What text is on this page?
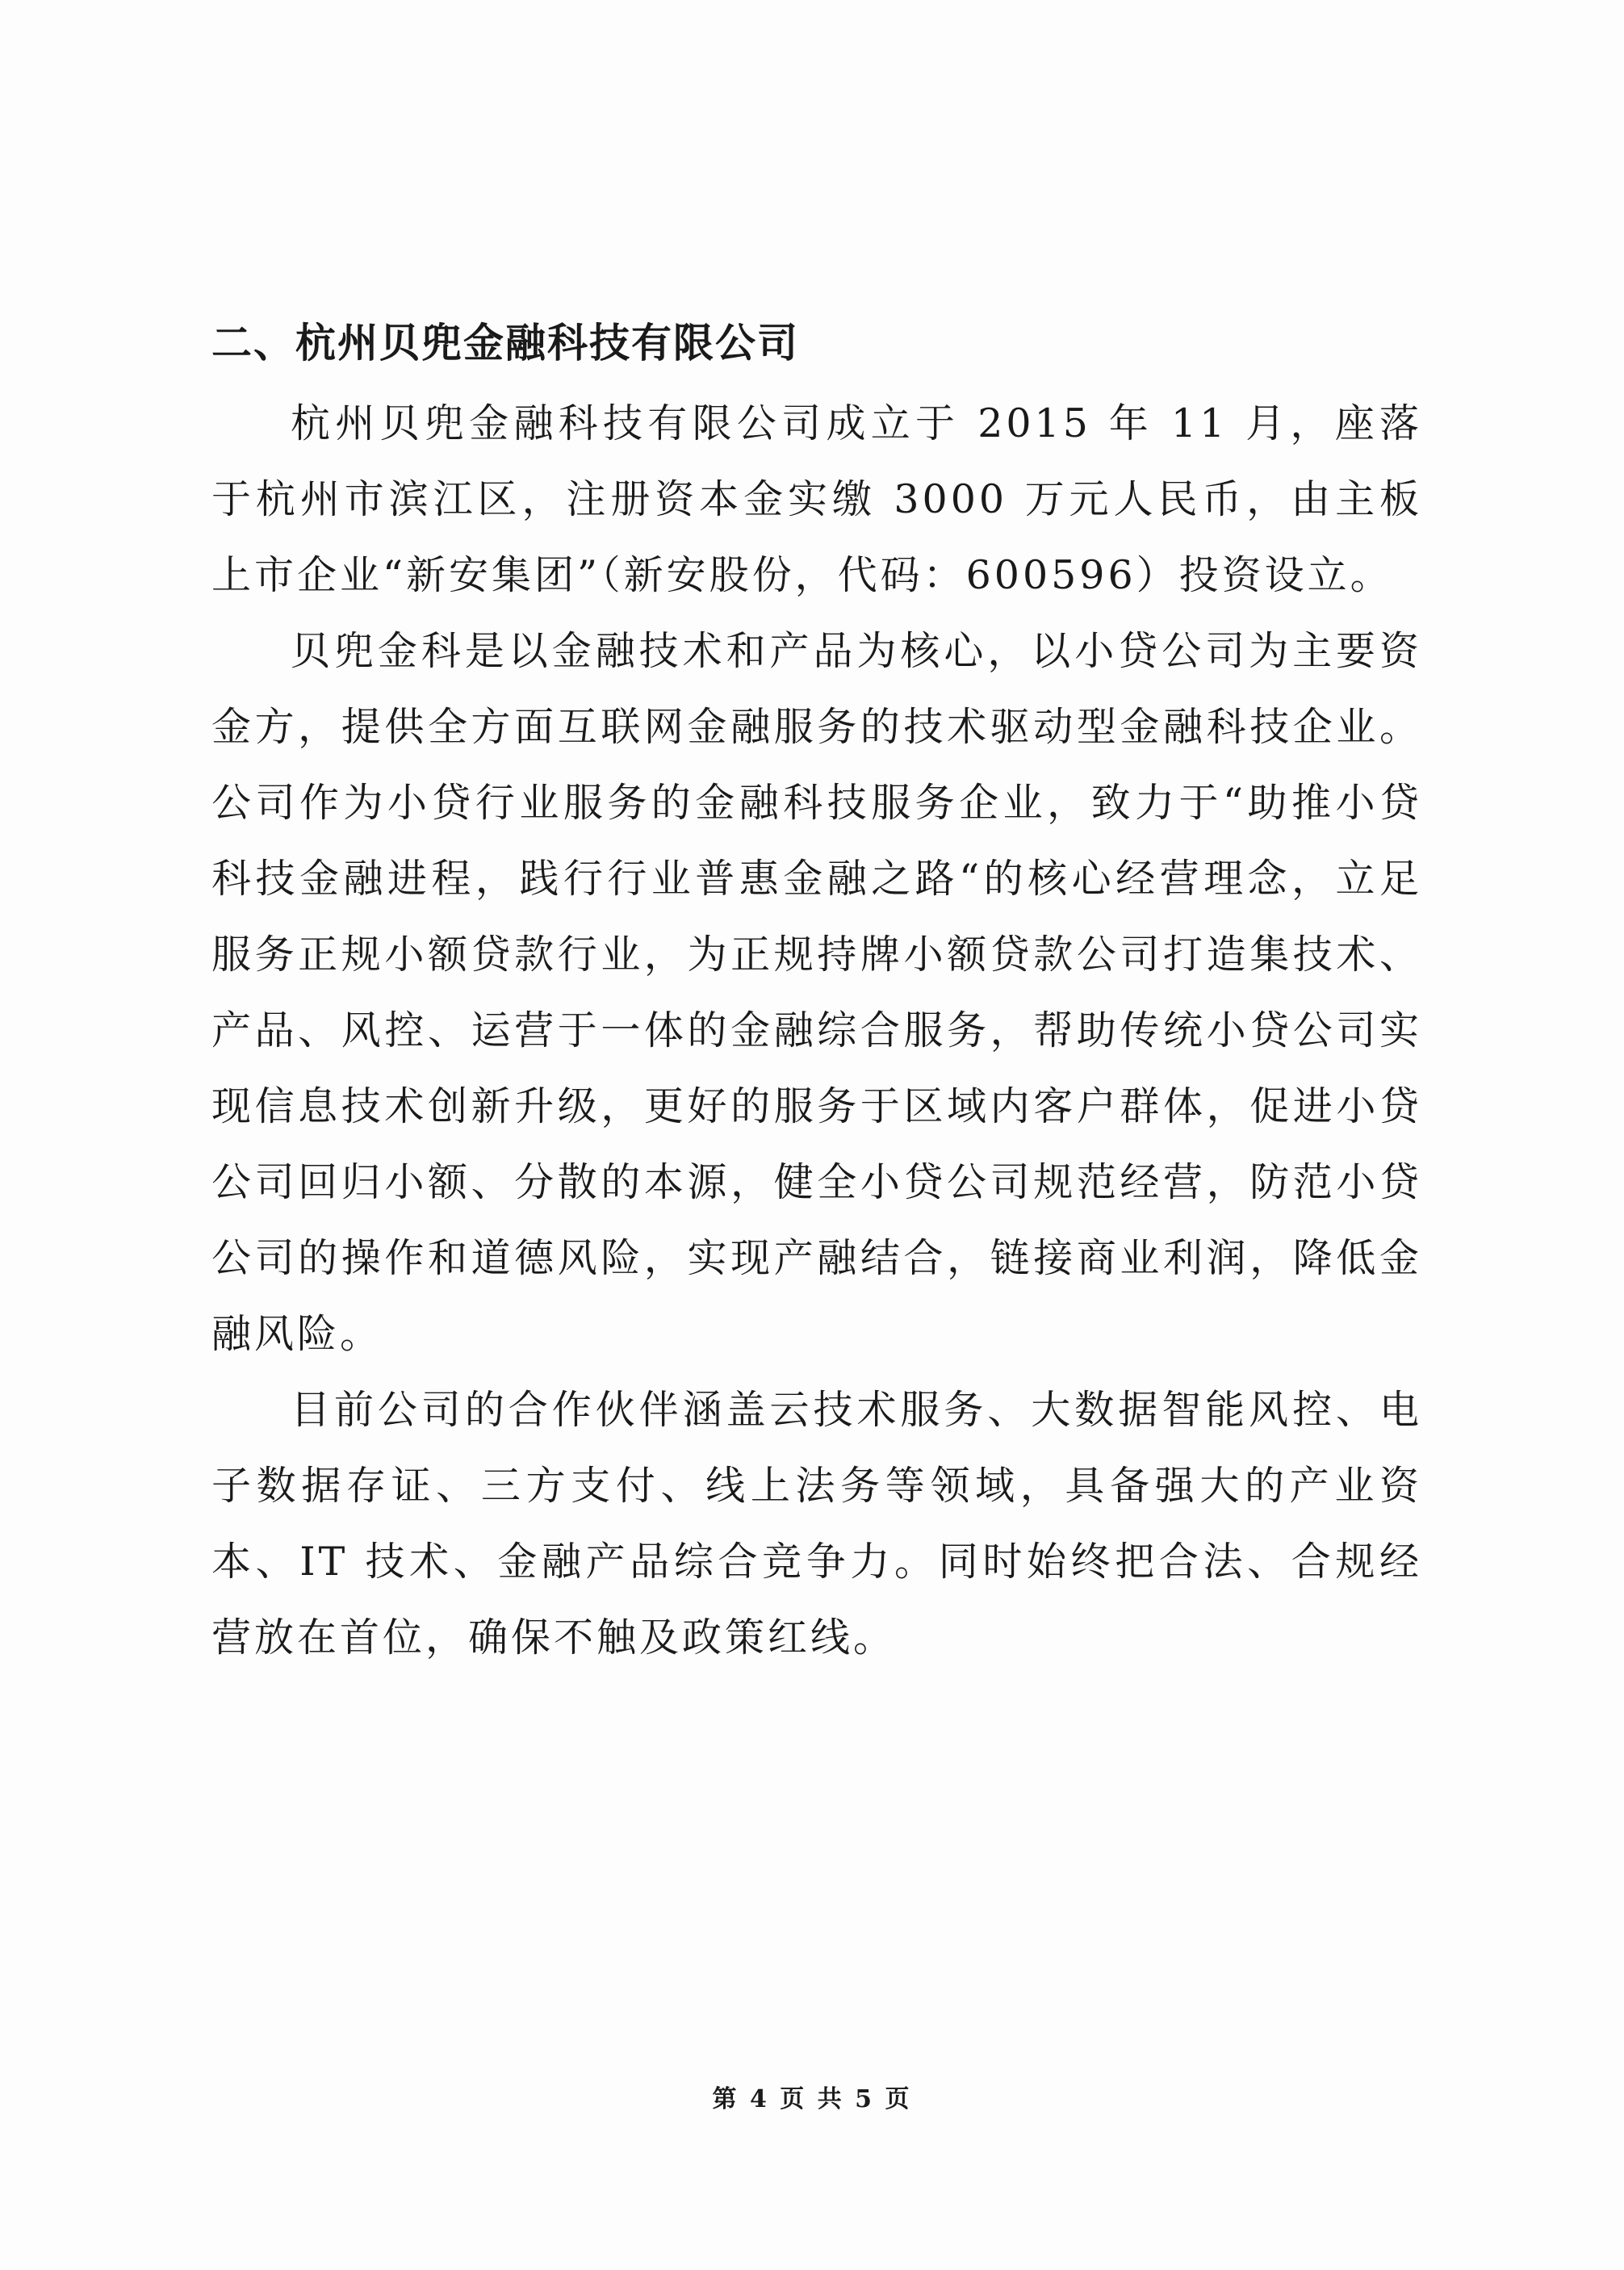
二、杭州贝兜金融科技有限公司

杭州贝兜金融科技有限公司成立于 2015 年 11 月，座落于杭州市滨江区，注册资本金实缴 3000 万元人民币，由主板上市企业“新安集团”（新安股份，代码：600596）投资设立。

贝兜金科是以金融技术和产品为核心，以小贷公司为主要资金方，提供全方面互联网金融服务的技术驱动型金融科技企业。公司作为小贷行业服务的金融科技服务企业，致力于“助推小贷科技金融进程，践行行业普惠金融之路“的核心经营理念，立足服务正规小额贷款行业，为正规持牌小额贷款公司打造集技术、产品、风控、运营于一体的金融综合服务，帮助传统小贷公司实现信息技术创新升级，更好的服务于区域内客户群体，促进小贷公司回归小额、分散的本源，健全小贷公司规范经营，防范小贷公司的操作和道德风险，实现产融结合，链接商业利润，降低金融风险。

目前公司的合作伙伴涵盖云技术服务、大数据智能风控、电子数据存证、三方支付、线上法务等领域，具备强大的产业资本、IT 技术、金融产品综合竞争力。同时始终把合法、合规经营放在首位，确保不触及政策红线。

第 4 页 共 5 页
